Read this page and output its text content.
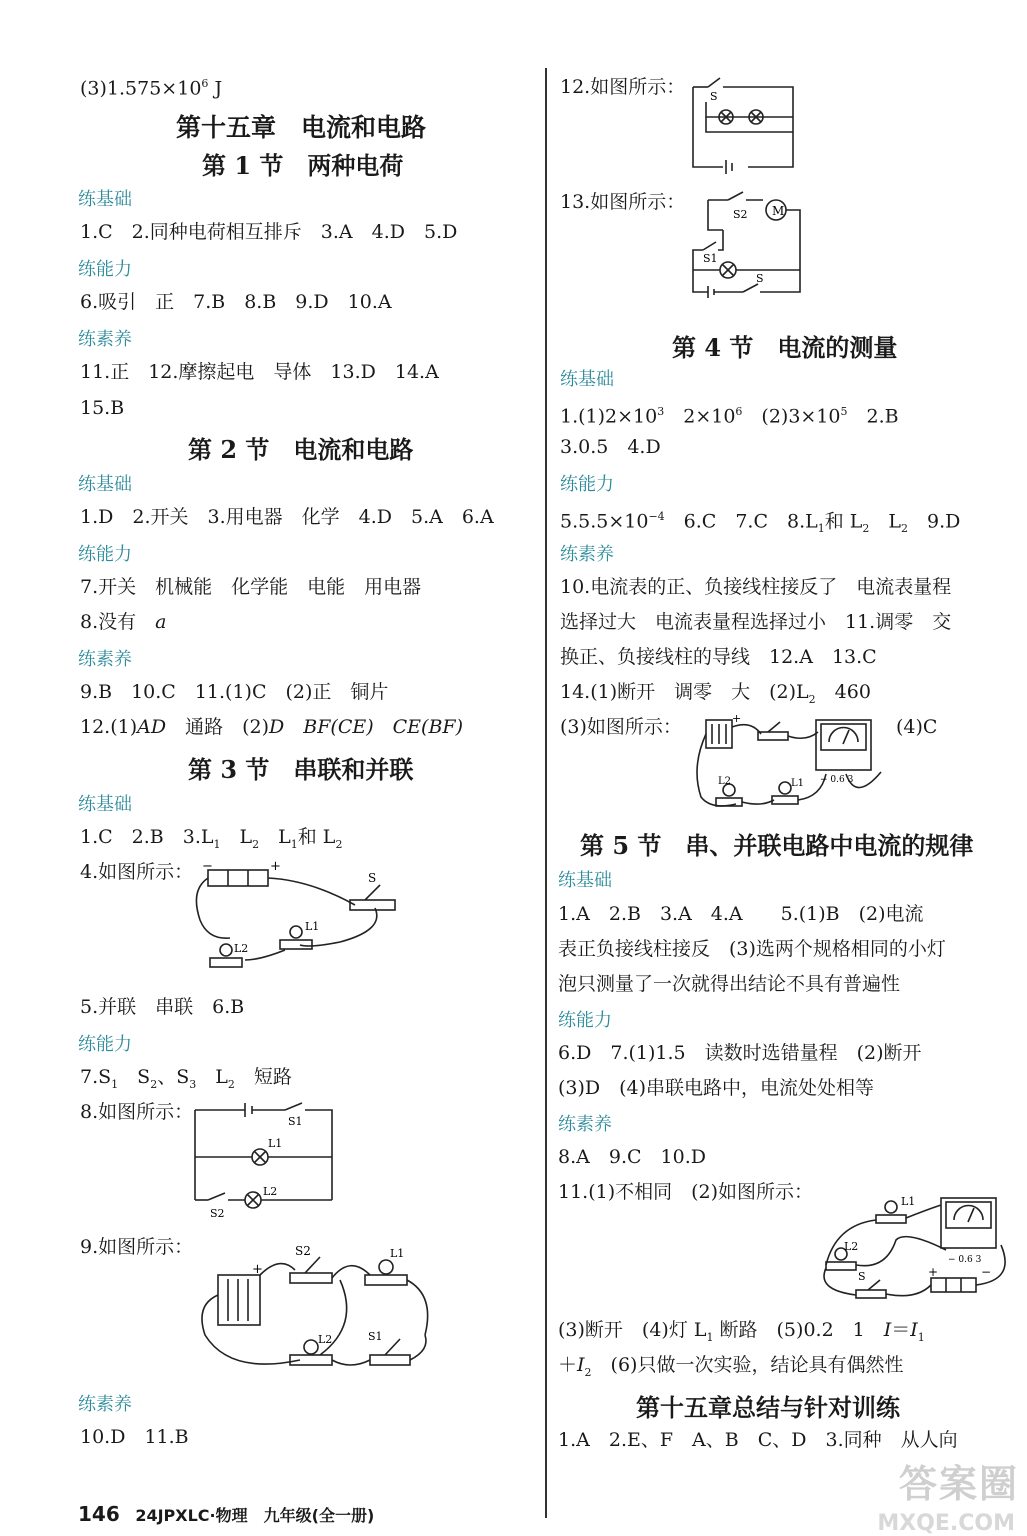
$(3)1.575\times 10^6$ J
第十五章　电流和电路
第 1 节　两种电荷
练基础
1.C　2.同种电荷相互排斥　3.A　4.D　5.D
练能力
6.吸引　正　7.B　8.B　9.D　10.A
练素养
11.正　12.摩擦起电　导体　13.D　14.A
15.B
第 2 节　电流和电路
练基础
1.D　2.开关　3.用电器　化学　4.D　5.A　6.A
练能力
7.开关　机械能　化学能　电能　用电器
8.没有　a
练素养
9.B　10.C　11.(1)C　(2)正　铜片
12.(1)AD　通路　(2)D　BF(CE)　CE(BF)
第 3 节　串联和并联
练基础
1.C　2.B　$3.L_1$　$L_2$　$L_1$和 $L_2$
4.如图所示： −	+
S
L1
L2
5.并联　串联　6.B
练能力
$7.S_1$　$S_2$、$S_3$　$L_2$　短路
8.如图所示：	S1
L1
S2
L2
9.如图所示：	S2	L1
S1
L2
+
练素养
10.D　11.B
12.如图所示： S
13.如图所示：
S2 M
S1
S
第 4 节　电流的测量
练基础
$1.(1)2\times 10^3$　$2\times 10^6$　$(2)3\times 10^5$　2.B
3.0.5　4.D
练能力
$5.5.5\times 10^{-4}$　6.C　7.C　$8.L_1$和 $L_2$　$L_2$　9.D
练素养
10.电流表的正、负接线柱接反了　电流表量程
选择过大　电流表量程选择过小　11.调零　交
换正、负接线柱的导线　12.A　13.C
14.(1)断开　调零　大　$(2)L_2$　460
(3)如图所示：	(4)C
+
L2	L1 − 0.6 3
第 5 节　串、并联电路中电流的规律
练基础
1.A　2.B　3.A　4.A　　5.(1)B　(2)电流
表正负接线柱接反　(3)选两个规格相同的小灯
泡只测量了一次就得出结论不具有普遍性
练能力
6.D　7.(1)1.5　读数时选错量程　(2)断开
(3)D　(4)串联电路中，电流处处相等
练素养
8.A　9.C　10.D
11.(1)不相同　(2)如图所示：	L1
L2
S
− 0.6 3
+	−
(3)断开　(4)灯 $L_1$ 断路　(5)0.2　1　$I=I_1$
$+I_2$　(6)只做一次实验，结论具有偶然性
第十五章总结与针对训练
1.A　2.E、F　A、B　C、D　3.同种　从人向
146 24JPXLC·物理　九年级(全一册)
答案圈
MXQE.COM
